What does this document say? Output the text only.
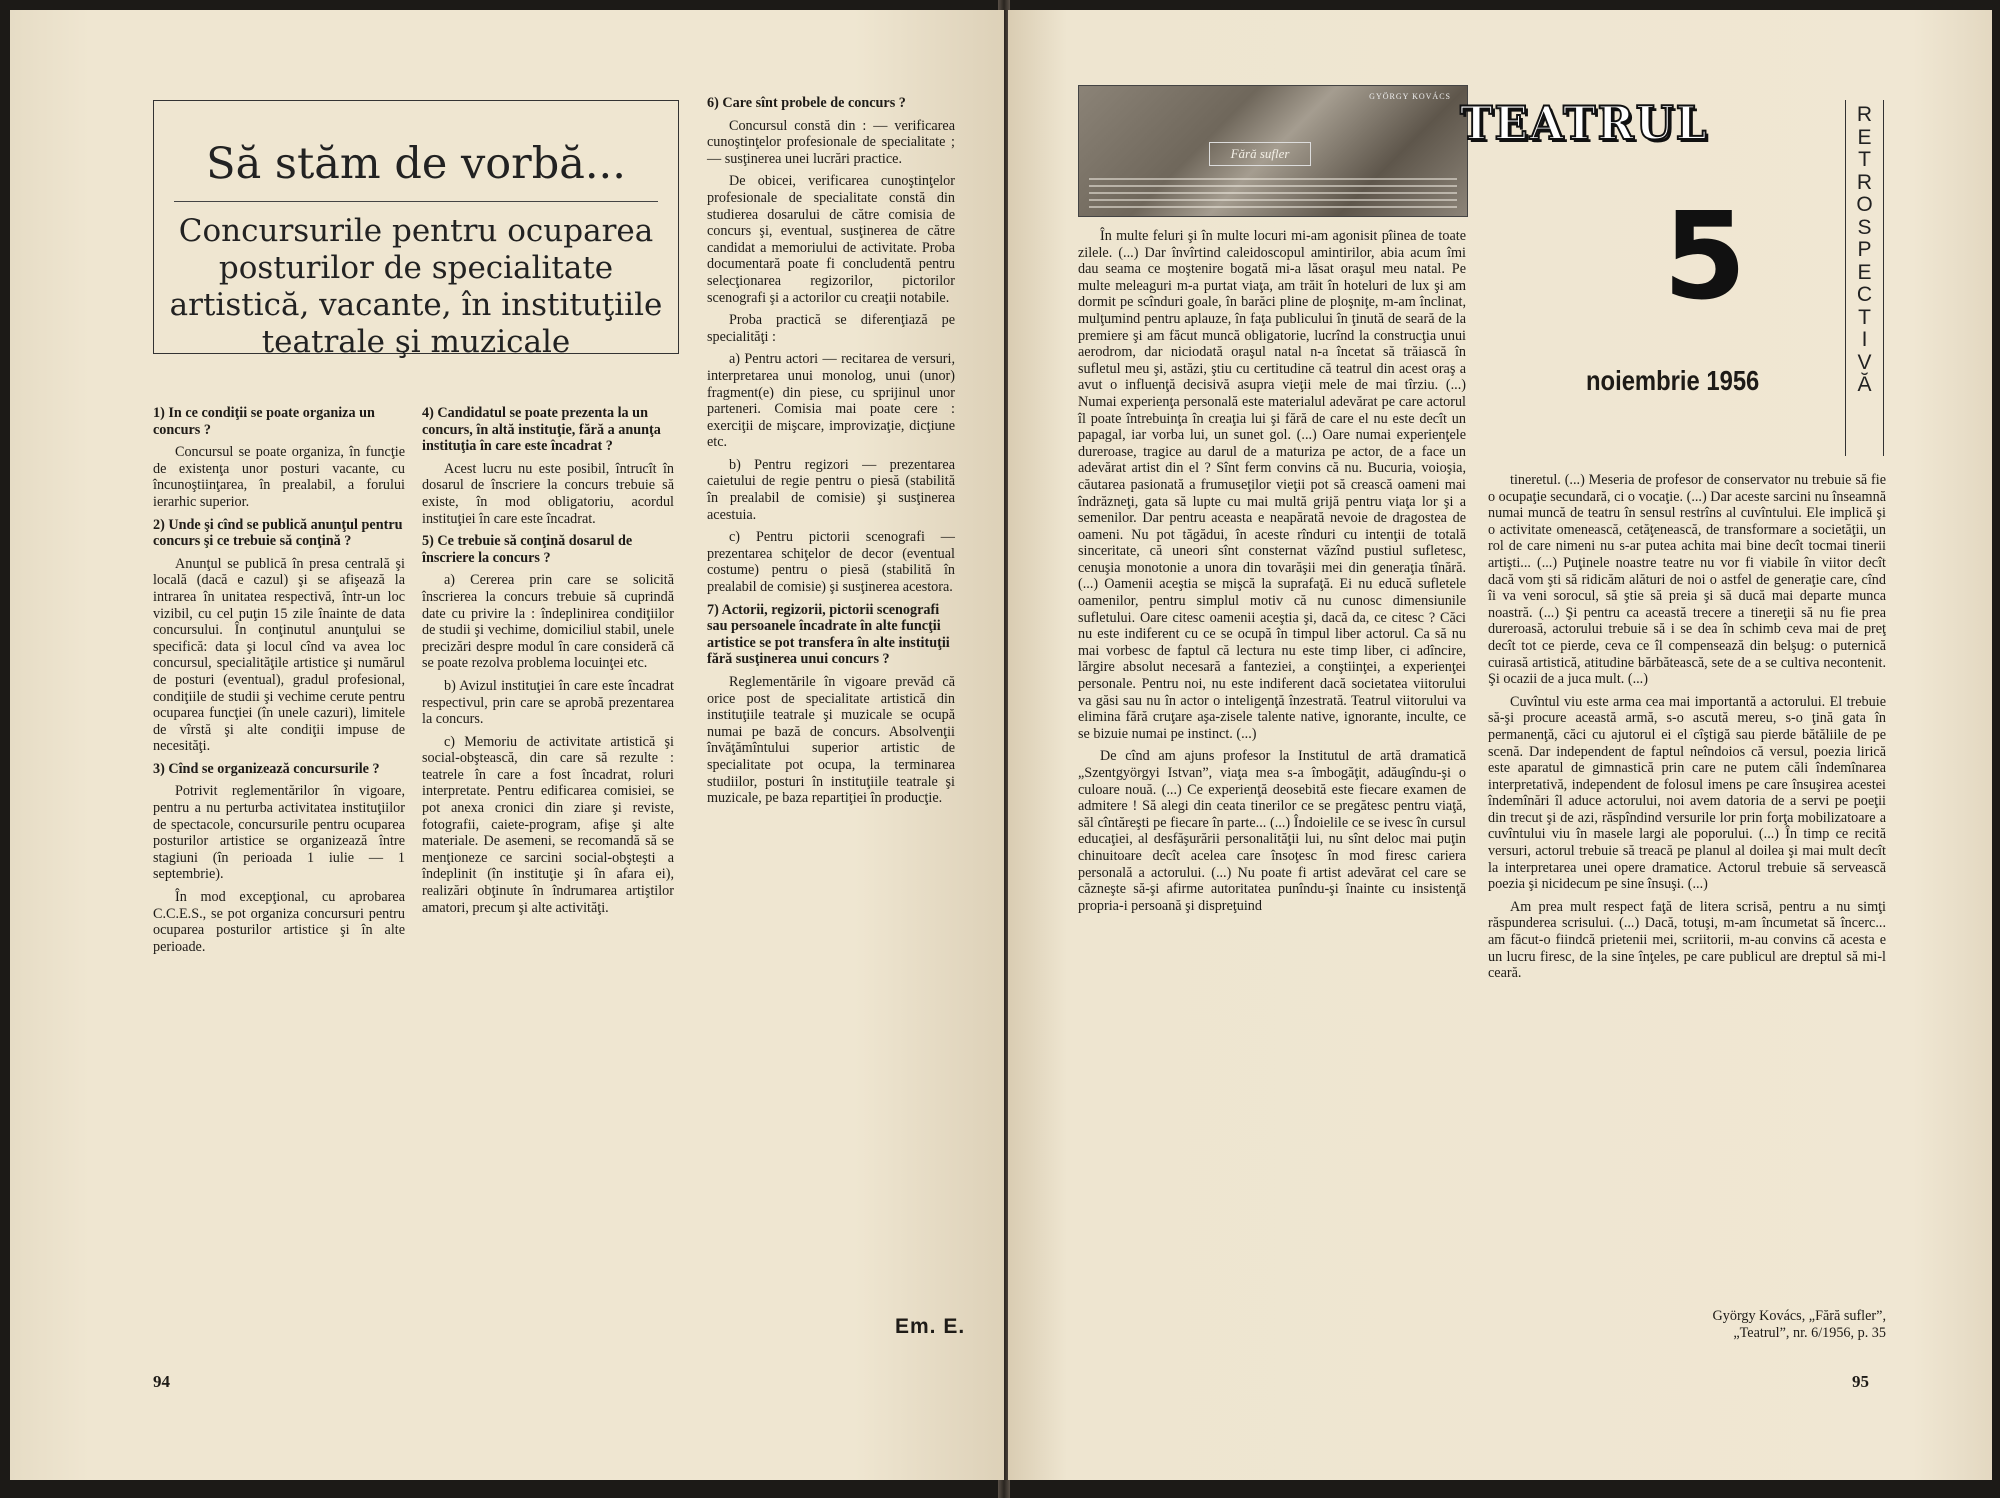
Să stăm de vorbă...
Concursurile pentru ocuparea posturilor de specialitate artistică, vacante, în instituţiile teatrale şi muzicale

1) In ce condiţii se poate organiza un concurs ?

Concursul se poate organiza, în funcţie de existenţa unor posturi vacante, cu încunoştiinţarea, în prealabil, a forului ierarhic superior.

2) Unde şi cînd se publică anunţul pentru concurs şi ce trebuie să conţină ?

Anunţul se publică în presa centrală şi locală (dacă e cazul) şi se afişează la intrarea în unitatea respectivă, într-un loc vizibil, cu cel puţin 15 zile înainte de data concursului. În conţinutul anunţului se specifică: data şi locul cînd va avea loc concursul, specialităţile artistice şi numărul de posturi (eventual), gradul profesional, condiţiile de studii şi vechime cerute pentru ocuparea funcţiei (în unele cazuri), limitele de vîrstă şi alte condiţii impuse de necesităţi.

3) Cînd se organizează concursurile ?

Potrivit reglementărilor în vigoare, pentru a nu perturba activitatea instituţiilor de spectacole, concursurile pentru ocuparea posturilor artistice se organizează între stagiuni (în perioada 1 iulie — 1 septembrie).

În mod excepţional, cu aprobarea C.C.E.S., se pot organiza concursuri pentru ocuparea posturilor artistice şi în alte perioade.

4) Candidatul se poate prezenta la un concurs, în altă instituţie, fără a anunţa instituţia în care este încadrat ?

Acest lucru nu este posibil, întrucît în dosarul de înscriere la concurs trebuie să existe, în mod obligatoriu, acordul instituţiei în care este încadrat.

5) Ce trebuie să conţină dosarul de înscriere la concurs ?

a) Cererea prin care se solicită înscrierea la concurs trebuie să cuprindă date cu privire la : îndeplinirea condiţiilor de studii şi vechime, domiciliul stabil, unele precizări despre modul în care consideră că se poate rezolva problema locuinţei etc.

b) Avizul instituţiei în care este încadrat respectivul, prin care se aprobă prezentarea la concurs.

c) Memoriu de activitate artistică şi social-obştească, din care să rezulte : teatrele în care a fost încadrat, roluri interpretate. Pentru edificarea comisiei, se pot anexa cronici din ziare şi reviste, fotografii, caiete-program, afişe şi alte materiale. De asemeni, se recomandă să se menţioneze ce sarcini social-obşteşti a îndeplinit (în instituţie şi în afara ei), realizări obţinute în îndrumarea artiştilor amatori, precum şi alte activităţi.

6) Care sînt probele de concurs ?

Concursul constă din : — verificarea cunoştinţelor profesionale de specialitate ; — susţinerea unei lucrări practice.

De obicei, verificarea cunoştinţelor profesionale de specialitate constă din studierea dosarului de către comisia de concurs şi, eventual, susţinerea de către candidat a memoriului de activitate. Proba documentară poate fi concludentă pentru selecţionarea regizorilor, pictorilor scenografi şi a actorilor cu creaţii notabile.

Proba practică se diferenţiază pe specialităţi :

a) Pentru actori — recitarea de versuri, interpretarea unui monolog, unui (unor) fragment(e) din piese, cu sprijinul unor parteneri. Comisia mai poate cere : exerciţii de mişcare, improvizaţie, dicţiune etc.

b) Pentru regizori — prezentarea caietului de regie pentru o piesă (stabilită în prealabil de comisie) şi susţinerea acestuia.

c) Pentru pictorii scenografi — prezentarea schiţelor de decor (eventual costume) pentru o piesă (stabilită în prealabil de comisie) şi susţinerea acestora.

7) Actorii, regizorii, pictorii scenografi sau persoanele încadrate în alte funcţii artistice se pot transfera în alte instituţii fără susţinerea unui concurs ?

Reglementările în vigoare prevăd că orice post de specialitate artistică din instituţiile teatrale şi muzicale se ocupă numai pe bază de concurs. Absolvenţii învăţămîntului superior artistic de specialitate pot ocupa, la terminarea studiilor, posturi în instituţiile teatrale şi muzicale, pe baza repartiţiei în producţie.

Em. E.
94
GYÖRGY KOVÁCS
Fără sufler
TEATRUL
5
noiembrie 1956
R
E
T
R
O
S
P
E
C
T
I
V
Ă

În multe feluri şi în multe locuri mi-am agonisit pîinea de toate zilele. (...) Dar învîrtind caleidoscopul amintirilor, abia acum îmi dau seama ce moştenire bogată mi-a lăsat oraşul meu natal. Pe multe meleaguri m-a purtat viaţa, am trăit în hoteluri de lux şi am dormit pe scînduri goale, în barăci pline de ploşniţe, m-am înclinat, mulţumind pentru aplauze, în faţa publicului în ţinută de seară de la premiere şi am făcut muncă obligatorie, lucrînd la construcţia unui aerodrom, dar niciodată oraşul natal n-a încetat să trăiască în sufletul meu şi, astăzi, ştiu cu certitudine că teatrul din acest oraş a avut o influenţă decisivă asupra vieţii mele de mai tîrziu. (...) Numai experienţa personală este materialul adevărat pe care actorul îl poate întrebuinţa în creaţia lui şi fără de care el nu este decît un papagal, iar vorba lui, un sunet gol. (...) Oare numai experienţele dureroase, tragice au darul de a maturiza pe actor, de a face un adevărat artist din el ? Sînt ferm convins că nu. Bucuria, voioşia, căutarea pasionată a frumuseţilor vieţii pot să crească oameni mai îndrăzneţi, gata să lupte cu mai multă grijă pentru viaţa lor şi a semenilor. Dar pentru aceasta e neapărată nevoie de dragostea de oameni. Nu pot tăgădui, în aceste rînduri cu intenţii de totală sinceritate, că uneori sînt consternat văzînd pustiul sufletesc, cenuşia monotonie a unora din tovarăşii mei din generaţia tînără. (...) Oamenii aceştia se mişcă la suprafaţă. Ei nu educă sufletele oamenilor, pentru simplul motiv că nu cunosc dimensiunile sufletului. Oare citesc oamenii aceştia şi, dacă da, ce citesc ? Căci nu este indiferent cu ce se ocupă în timpul liber actorul. Ca să nu mai vorbesc de faptul că lectura nu este timp liber, ci adîncire, lărgire absolut necesară a fanteziei, a conştiinţei, a experienţei personale. Pentru noi, nu este indiferent dacă societatea viitorului va găsi sau nu în actor o inteligenţă înzestrată. Teatrul viitorului va elimina fără cruţare aşa-zisele talente native, ignorante, inculte, ce se bizuie numai pe instinct. (...)

De cînd am ajuns profesor la Institutul de artă dramatică „Szentgyörgyi Istvan”, viaţa mea s-a îmbogăţit, adăugîndu-şi o culoare nouă. (...) Ce experienţă deosebită este fiecare examen de admitere ! Să alegi din ceata tinerilor ce se pregătesc pentru viaţă, săl cîntăreşti pe fiecare în parte... (...) Îndoielile ce se ivesc în cursul educaţiei, al desfăşurării personalităţii lui, nu sînt deloc mai puţin chinuitoare decît acelea care însoţesc în mod firesc cariera personală a actorului. (...) Nu poate fi artist adevărat cel care se căzneşte să-şi afirme autoritatea punîndu-şi înainte cu insistenţă propria-i persoană şi dispreţuind

tineretul. (...) Meseria de profesor de conservator nu trebuie să fie o ocupaţie secundară, ci o vocaţie. (...) Dar aceste sarcini nu înseamnă numai muncă de teatru în sensul restrîns al cuvîntului. Ele implică şi o activitate omenească, cetăţenească, de transformare a societăţii, un rol de care nimeni nu s-ar putea achita mai bine decît tocmai tinerii artişti... (...) Puţinele noastre teatre nu vor fi viabile în viitor decît dacă vom şti să ridicăm alături de noi o astfel de generaţie care, cînd îi va veni sorocul, să ştie să preia şi să ducă mai departe munca noastră. (...) Şi pentru ca această trecere a tinereţii să nu fie prea dureroasă, actorului trebuie să i se dea în schimb ceva mai de preţ decît tot ce pierde, ceva ce îl compensează din belşug: o puternică cuirasă artistică, atitudine bărbătească, sete de a se cultiva necontenit. Şi ocazii de a juca mult. (...)

Cuvîntul viu este arma cea mai importantă a actorului. El trebuie să-şi procure această armă, s-o ascută mereu, s-o ţină gata în permanenţă, căci cu ajutorul ei el cîştigă sau pierde bătăliile de pe scenă. Dar independent de faptul neîndoios că versul, poezia lirică este aparatul de gimnastică prin care ne putem căli îndemînarea interpretativă, independent de folosul imens pe care însuşirea acestei îndemînări îl aduce actorului, noi avem datoria de a servi pe poeţii din trecut şi de azi, răspîndind versurile lor prin forţa mobilizatoare a cuvîntului viu în masele largi ale poporului. (...) În timp ce recită versuri, actorul trebuie să treacă pe planul al doilea şi mai mult decît la interpretarea unei opere dramatice. Actorul trebuie să servească poezia şi nicidecum pe sine însuşi. (...)

Am prea mult respect faţă de litera scrisă, pentru a nu simţi răspunderea scrisului. (...) Dacă, totuşi, m-am încumetat să încerc... am făcut-o fiindcă prietenii mei, scriitorii, m-au convins că acesta e un lucru firesc, de la sine înţeles, pe care publicul are dreptul să mi-l ceară.

György Kovács, „Fără sufler”,
„Teatrul”, nr. 6/1956, p. 35
95
